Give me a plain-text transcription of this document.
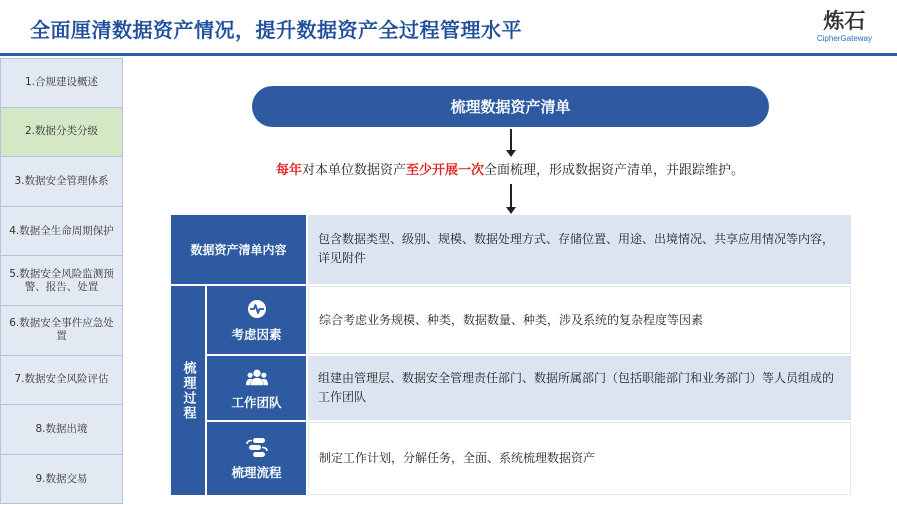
全面厘清数据资产情况，提升数据资产全过程管理水平	炼石
CipherGateway
1.合规建设概述
2.数据分类分级
3.数据安全管理体系
4.数据全生命周期保护
5.数据安全风险监测预警、报告、处置
6.数据安全事件应急处置
7.数据安全风险评估
8.数据出境
9.数据交易
梳理数据资产清单
每年对本单位数据资产至少开展一次全面梳理，形成数据资产清单，并跟踪维护。
数据资产清单内容
包含数据类型、级别、规模、数据处理方式、存储位置、用途、出境情况、共享应用情况等内容，详见附件
梳理过程
考虑因素
综合考虑业务规模、种类，数据数量、种类，涉及系统的复杂程度等因素
工作团队
组建由管理层、数据安全管理责任部门、数据所属部门（包括职能部门和业务部门）等人员组成的工作团队
梳理流程
制定工作计划，分解任务，全面、系统梳理数据资产
